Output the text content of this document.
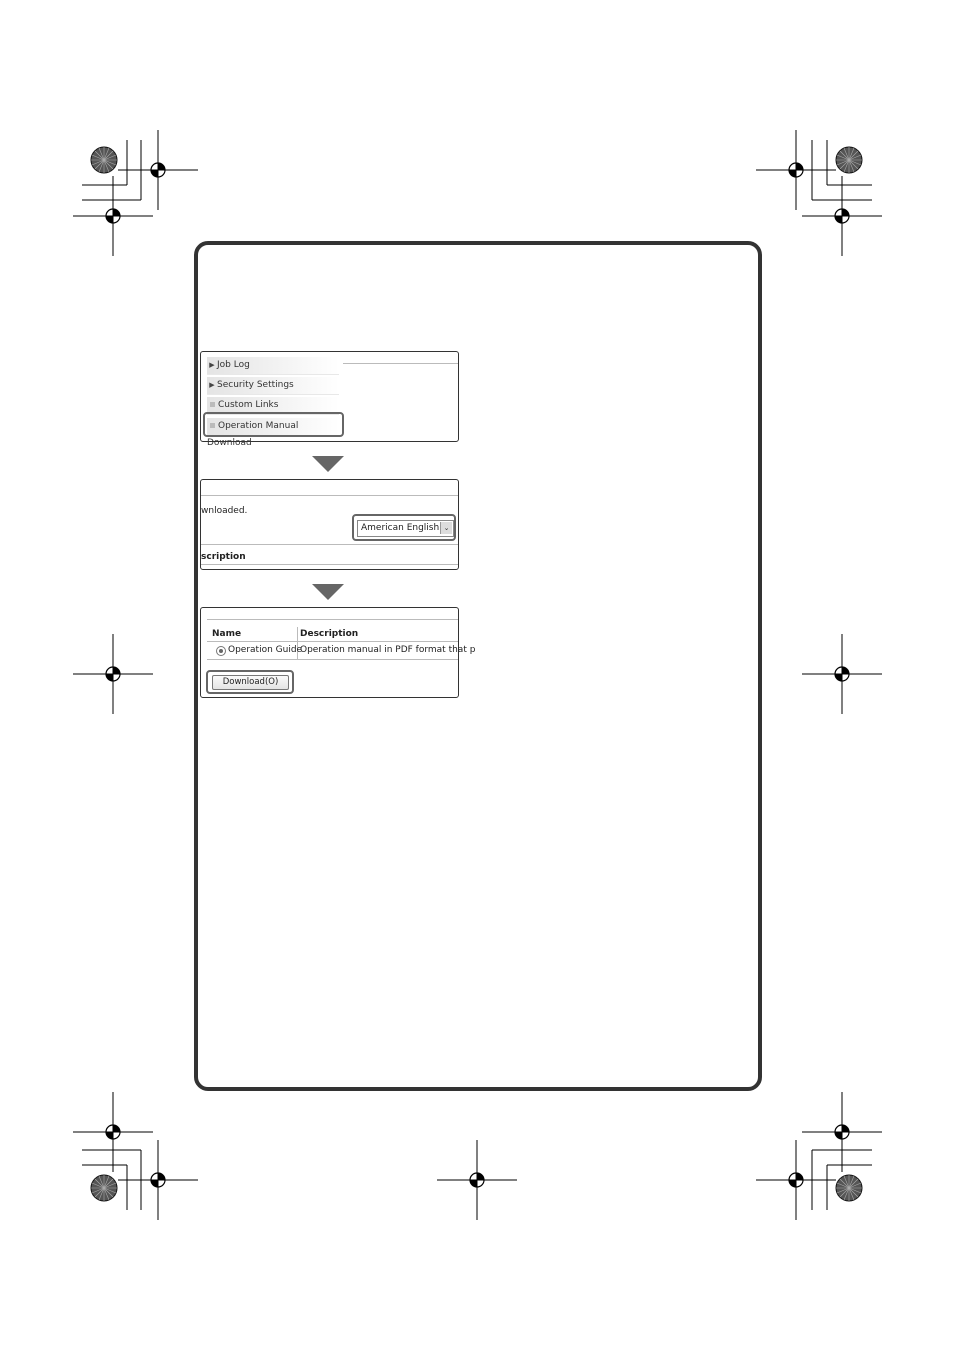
▶ Job Log
▶ Security Settings
Custom Links
Operation Manual Download
wnloaded.
American English ⌄
scription
Name	Description
Operation Guide
Operation manual in PDF format that p
Download(O)
